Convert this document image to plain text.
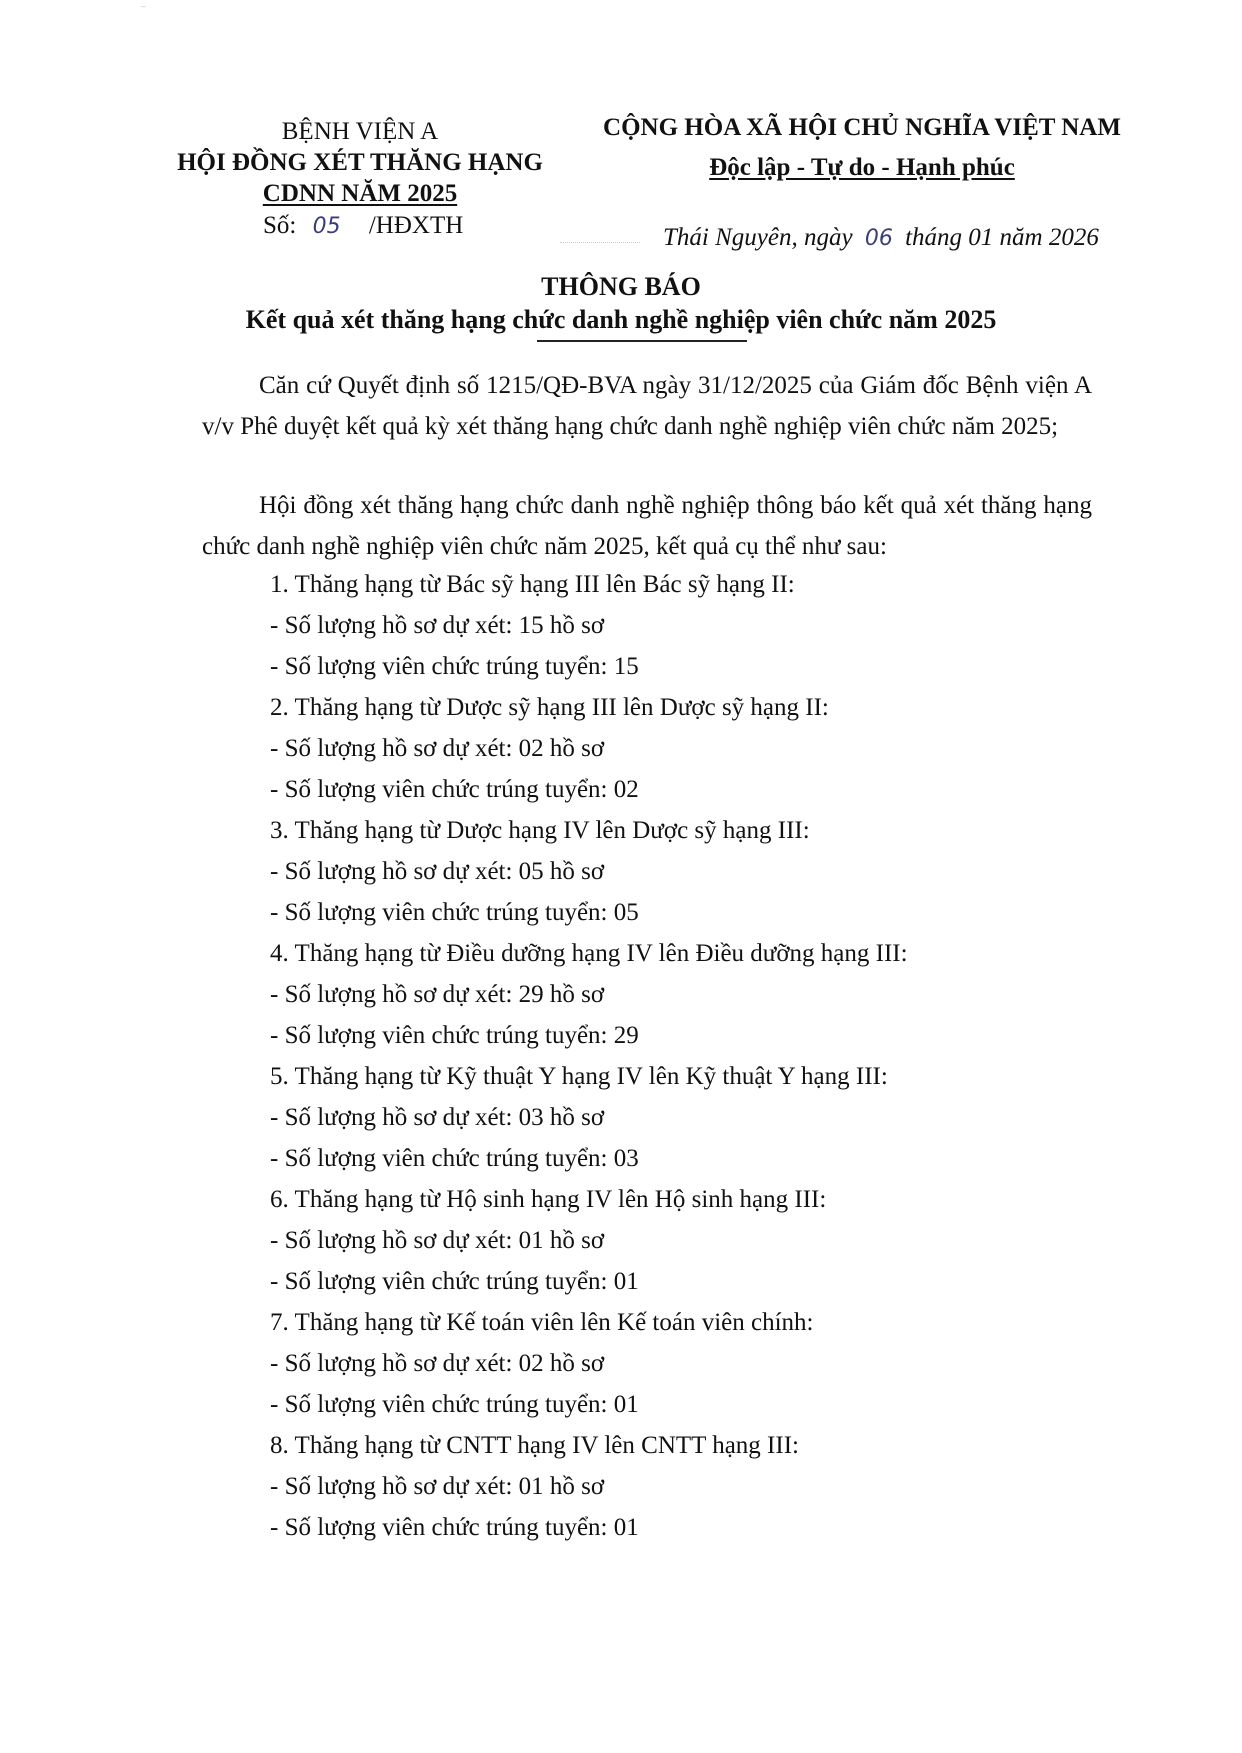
⁻
BỆNH VIỆN A
HỘI ĐỒNG XÉT THĂNG HẠNG
CDNN NĂM 2025
Số: 05 /HĐXTH
CỘNG HÒA XÃ HỘI CHỦ NGHĨA VIỆT NAM
Độc lập - Tự do - Hạnh phúc
Thái Nguyên, ngày 06 tháng 01 năm 2026
THÔNG BÁO
Kết quả xét thăng hạng chức danh nghề nghiệp viên chức năm 2025
Căn cứ Quyết định số 1215/QĐ-BVA ngày 31/12/2025 của Giám đốc Bệnh viện A v/v Phê duyệt kết quả kỳ xét thăng hạng chức danh nghề nghiệp viên chức năm 2025;
Hội đồng xét thăng hạng chức danh nghề nghiệp thông báo kết quả xét thăng hạng chức danh nghề nghiệp viên chức năm 2025, kết quả cụ thể như sau:
1. Thăng hạng từ Bác sỹ hạng III lên Bác sỹ hạng II:
- Số lượng hồ sơ dự xét: 15 hồ sơ
- Số lượng viên chức trúng tuyển: 15
2. Thăng hạng từ Dược sỹ hạng III lên Dược sỹ hạng II:
- Số lượng hồ sơ dự xét: 02 hồ sơ
- Số lượng viên chức trúng tuyển: 02
3. Thăng hạng từ Dược hạng IV lên Dược sỹ hạng III:
- Số lượng hồ sơ dự xét: 05 hồ sơ
- Số lượng viên chức trúng tuyển: 05
4. Thăng hạng từ Điều dưỡng hạng IV lên Điều dưỡng hạng III:
- Số lượng hồ sơ dự xét: 29 hồ sơ
- Số lượng viên chức trúng tuyển: 29
5. Thăng hạng từ Kỹ thuật Y hạng IV lên Kỹ thuật Y hạng III:
- Số lượng hồ sơ dự xét: 03 hồ sơ
- Số lượng viên chức trúng tuyển: 03
6. Thăng hạng từ Hộ sinh hạng IV lên Hộ sinh hạng III:
- Số lượng hồ sơ dự xét: 01 hồ sơ
- Số lượng viên chức trúng tuyển: 01
7. Thăng hạng từ Kế toán viên lên Kế toán viên chính:
- Số lượng hồ sơ dự xét: 02 hồ sơ
- Số lượng viên chức trúng tuyển: 01
8. Thăng hạng từ CNTT hạng IV lên CNTT hạng III:
- Số lượng hồ sơ dự xét: 01 hồ sơ
- Số lượng viên chức trúng tuyển: 01
